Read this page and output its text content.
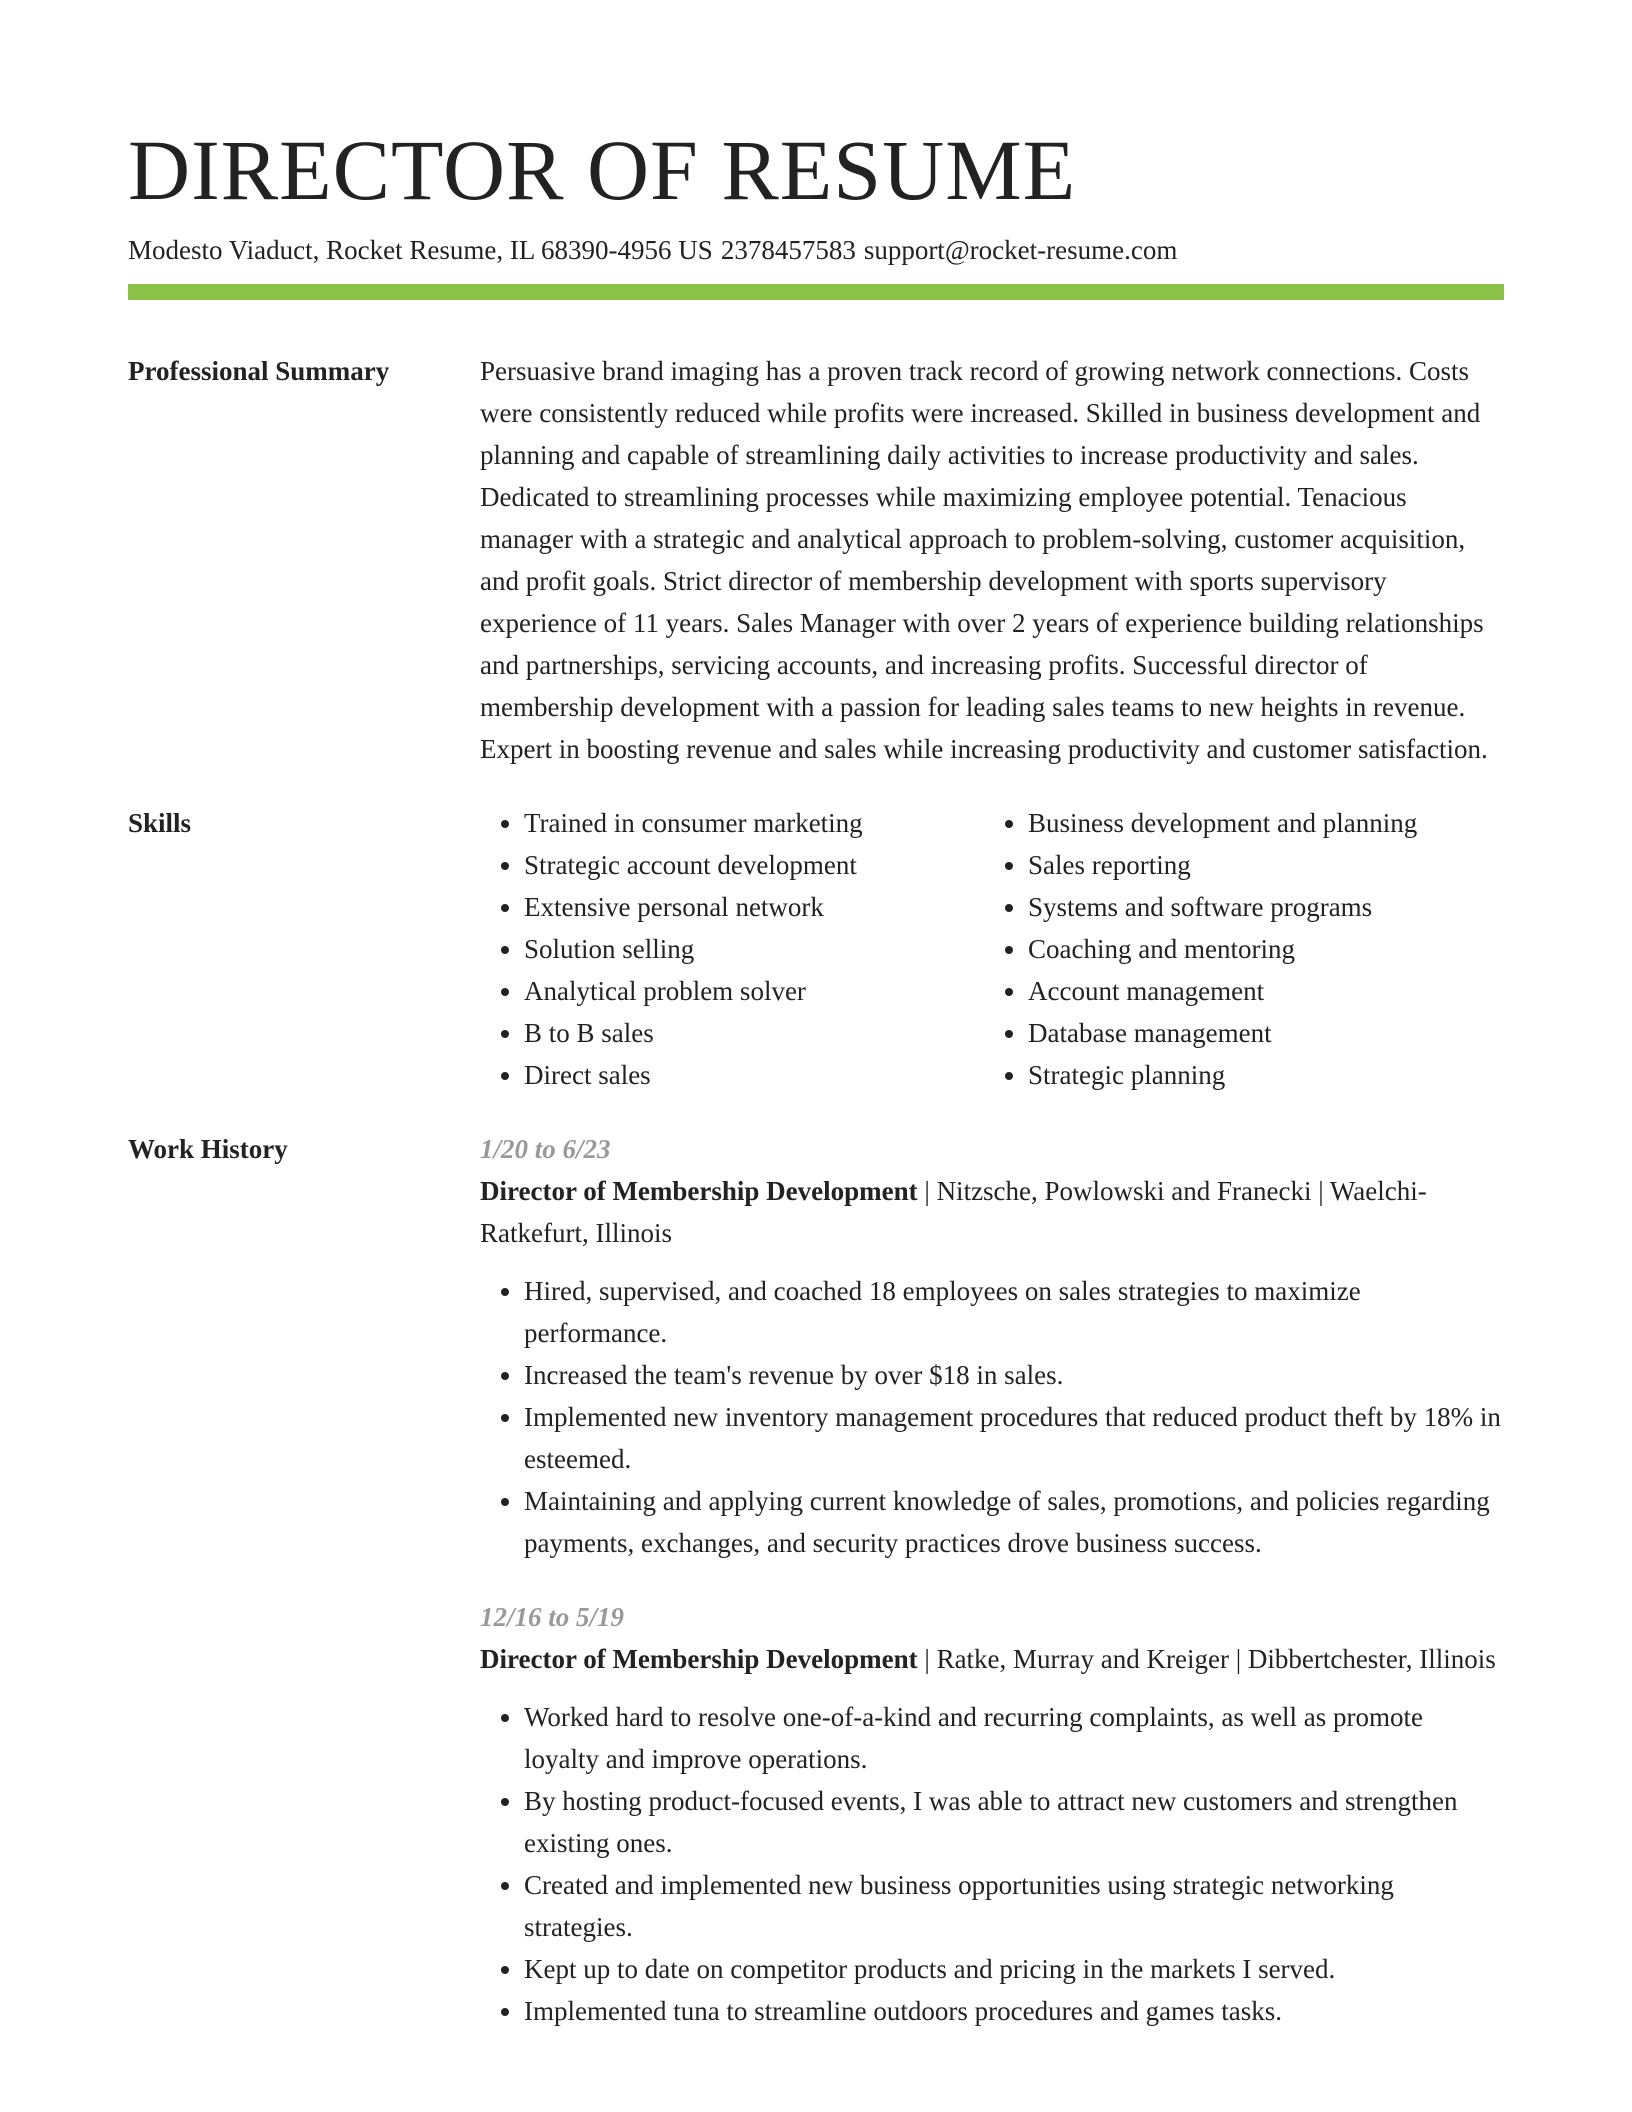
DIRECTOR OF RESUME
Modesto Viaduct, Rocket Resume, IL 68390-4956 US 2378457583 support@rocket-resume.com
Professional Summary	Persuasive brand imaging has a proven track record of growing network connections. Costs were consistently reduced while profits were increased. Skilled in business development and planning and capable of streamlining daily activities to increase productivity and sales. Dedicated to streamlining processes while maximizing employee potential. Tenacious manager with a strategic and analytical approach to problem-solving, customer acquisition, and profit goals. Strict director of membership development with sports supervisory experience of 11 years. Sales Manager with over 2 years of experience building relationships and partnerships, servicing accounts, and increasing profits. Successful director of membership development with a passion for leading sales teams to new heights in revenue. Expert in boosting revenue and sales while increasing productivity and customer satisfaction.

Skills
•	Trained in consumer marketing
• Strategic account development
• Extensive personal network
• Solution selling
• Analytical problem solver
• B to B sales
• Direct sales
• Business development and planning
• Sales reporting
• Systems and software programs
• Coaching and mentoring
• Account management
• Database management
• Strategic planning
Work History	1/20 to 6/23
Director of Membership Development | Nitzsche, Powlowski and Franecki | Waelchi-Ratkefurt, Illinois
• Hired, supervised, and coached 18 employees on sales strategies to maximize performance.
• Increased the team's revenue by over $18 in sales.
• Implemented new inventory management procedures that reduced product theft by 18% in esteemed.
• Maintaining and applying current knowledge of sales, promotions, and policies regarding payments, exchanges, and security practices drove business success.
12/16 to 5/19
Director of Membership Development | Ratke, Murray and Kreiger | Dibbertchester, Illinois
• Worked hard to resolve one-of-a-kind and recurring complaints, as well as promote loyalty and improve operations.
• By hosting product-focused events, I was able to attract new customers and strengthen existing ones.
• Created and implemented new business opportunities using strategic networking strategies.
• Kept up to date on competitor products and pricing in the markets I served.
• Implemented tuna to streamline outdoors procedures and games tasks.
